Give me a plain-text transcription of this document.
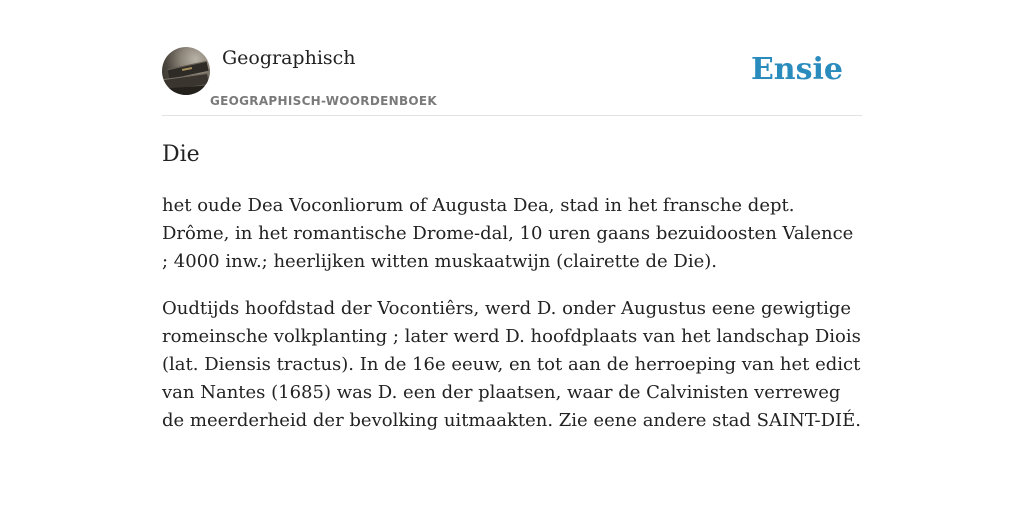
Geographisch
GEOGRAPHISCH-WOORDENBOEK
Ensie
Die

het oude Dea Voconliorum of Augusta Dea, stad in het fransche dept. Drôme, in het romantische Drome-dal, 10 uren gaans bezuidoosten Valence ; 4000 inw.; heerlijken witten muskaatwijn (clairette de Die).

Oudtijds hoofdstad der Vocontiêrs, werd D. onder Augustus eene gewigtige romeinsche volkplanting ; later werd D. hoofdplaats van het landschap Diois (lat. Diensis tractus). In de 16e eeuw, en tot aan de herroeping van het edict van Nantes (1685) was D. een der plaatsen, waar de Calvinisten verreweg de meerderheid der bevolking uitmaakten. Zie eene andere stad SAINT-DIÉ.
